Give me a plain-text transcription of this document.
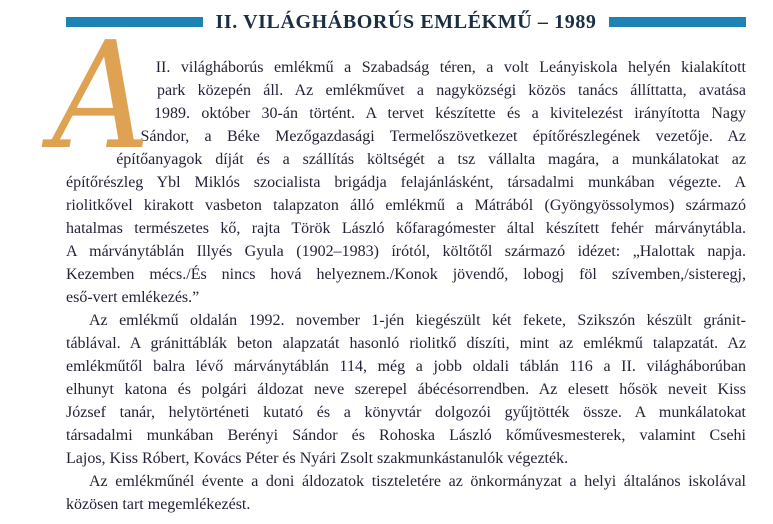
II. VILÁGHÁBORÚS EMLÉKMŰ – 1989
A II. világháborús emlékmű a Szabadság téren, a volt Leányiskola helyén kialakított
park közepén áll. Az emlékművet a nagyközségi közös tanács állíttatta, avatása
1989. október 30-án történt. A tervet készítette és a kivitelezést irányította Nagy
Sándor, a Béke Mezőgazdasági Termelőszövetkezet építőrészlegének vezetője. Az
építőanyagok díját és a szállítás költségét a tsz vállalta magára, a munkálatokat az
építőrészleg Ybl Miklós szocialista brigádja felajánlásként, társadalmi munkában végezte. A
riolitkővel kirakott vasbeton talapzaton álló emlékmű a Mátrából (Gyöngyössolymos) származó
hatalmas természetes kő, rajta Török László kőfaragómester által készített fehér márványtábla.
A márványtáblán Illyés Gyula (1902–1983) írótól, költőtől származó idézet: „Halottak napja.
Kezemben mécs./És nincs hová helyeznem./Konok jövendő, lobogj föl szívemben,/sisteregj,
eső-vert emlékezés.”
Az emlékmű oldalán 1992. november 1-jén kiegészült két fekete, Szikszón készült gránit-
táblával. A gránittáblák beton alapzatát hasonló riolitkő díszíti, mint az emlékmű talapzatát. Az
emlékműtől balra lévő márványtáblán 114, még a jobb oldali táblán 116 a II. világháborúban
elhunyt katona és polgári áldozat neve szerepel ábécésorrendben. Az elesett hősök neveit Kiss
József tanár, helytörténeti kutató és a könyvtár dolgozói gyűjtötték össze. A munkálatokat
társadalmi munkában Berényi Sándor és Rohoska László kőművesmesterek, valamint Csehi
Lajos, Kiss Róbert, Kovács Péter és Nyári Zsolt szakmunkástanulók végezték.
Az emlékműnél évente a doni áldozatok tiszteletére az önkormányzat a helyi általános iskolával
közösen tart megemlékezést.
